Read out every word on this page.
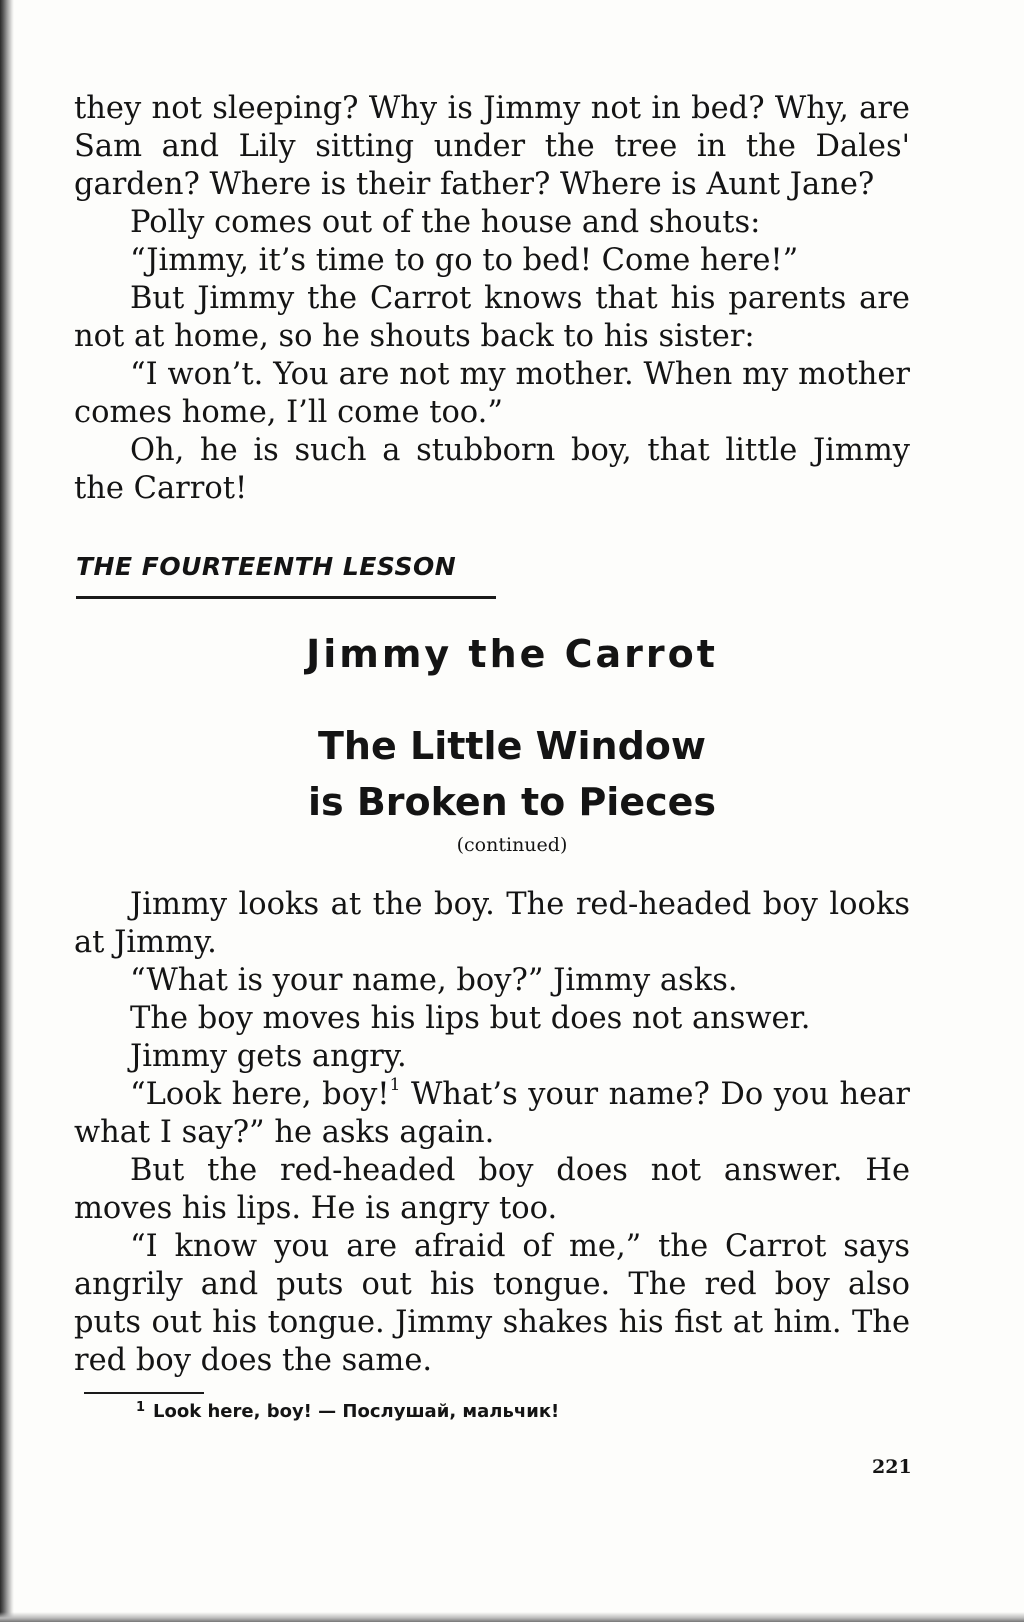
they not sleeping? Why is Jimmy not in bed? Why, are Sam and Lily sitting under the tree in the Dales' garden? Where is their father? Where is Aunt Jane?

Polly comes out of the house and shouts:

“Jimmy, it’s time to go to bed! Come here!”

But Jimmy the Carrot knows that his parents are not at home, so he shouts back to his sister:

“I won’t. You are not my mother. When my mother comes home, I’ll come too.”

Oh, he is such a stubborn boy, that little Jimmy the Carrot!

THE FOURTEENTH LESSON
Jimmy the Carrot
The Little Window
is Broken to Pieces
(continued)

Jimmy looks at the boy. The red-headed boy looks at Jimmy.

“What is your name, boy?” Jimmy asks.

The boy moves his lips but does not answer.

Jimmy gets angry.

“Look here, boy!$^1$ What’s your name? Do you hear what I say?” he asks again.

But the red-headed boy does not answer. He moves his lips. He is angry too.

“I know you are afraid of me,” the Carrot says angrily and puts out his tongue. The red boy also puts out his tongue. Jimmy shakes his fist at him. The red boy does the same.

$^1$ Look here, boy! — Послушай, мальчик!
221
